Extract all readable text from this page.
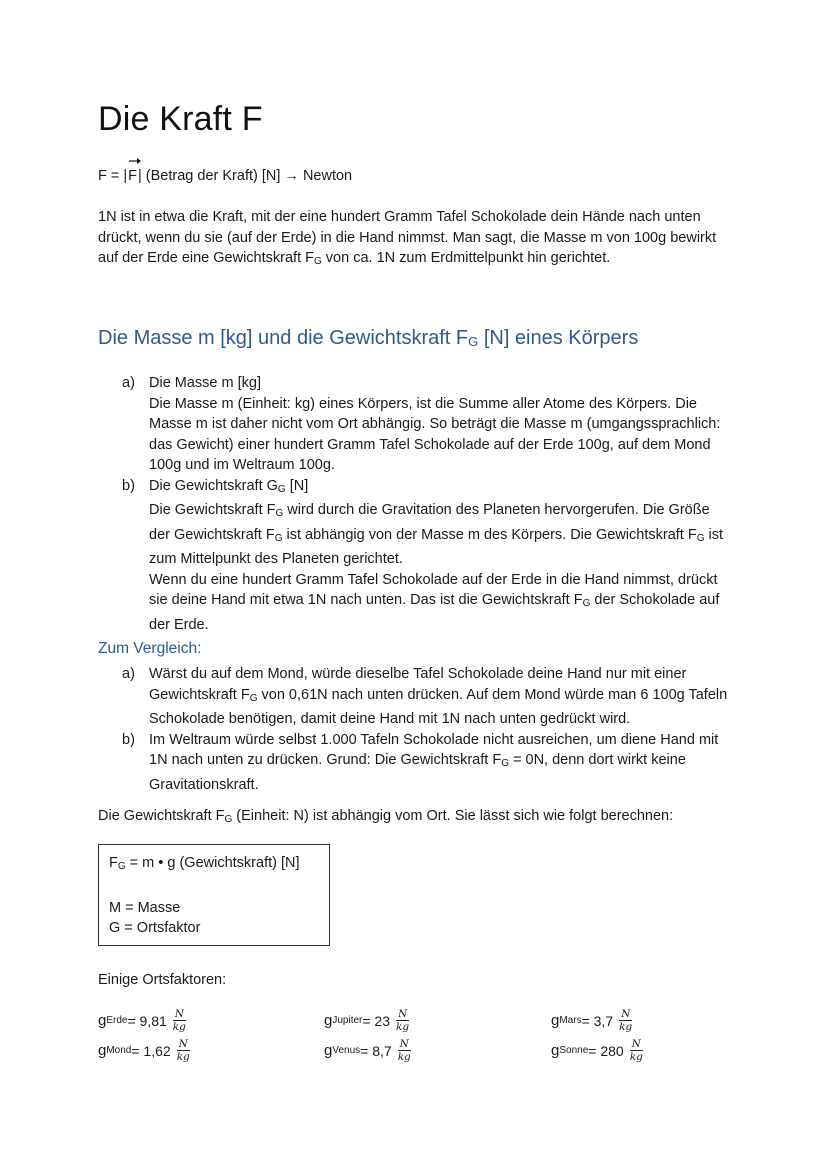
Die Kraft F
F = | F | (Betrag der Kraft) [N] → Newton
1N ist in etwa die Kraft, mit der eine hundert Gramm Tafel Schokolade dein Hände nach unten drückt, wenn du sie (auf der Erde) in die Hand nimmst. Man sagt, die Masse m von 100g bewirkt auf der Erde eine Gewichtskraft $F_G$ von ca. 1N zum Erdmittelpunkt hin gerichtet.
Die Masse m [kg] und die Gewichtskraft FG [N] eines Körpers
a) Die Masse m [kg]
Die Masse m (Einheit: kg) eines Körpers, ist die Summe aller Atome des Körpers. Die Masse m ist daher nicht vom Ort abhängig. So beträgt die Masse m (umgangssprachlich: das Gewicht) einer hundert Gramm Tafel Schokolade auf der Erde 100g, auf dem Mond 100g und im Weltraum 100g.
b) Die Gewichtskraft $G_G$ [N]
Die Gewichtskraft $F_G$ wird durch die Gravitation des Planeten hervorgerufen. Die Größe der Gewichtskraft $F_G$ ist abhängig von der Masse m des Körpers. Die Gewichtskraft $F_G$ ist zum Mittelpunkt des Planeten gerichtet.
Wenn du eine hundert Gramm Tafel Schokolade auf der Erde in die Hand nimmst, drückt sie deine Hand mit etwa 1N nach unten. Das ist die Gewichtskraft $F_G$ der Schokolade auf der Erde.
Zum Vergleich:
a) Wärst du auf dem Mond, würde dieselbe Tafel Schokolade deine Hand nur mit einer Gewichtskraft $F_G$ von 0,61N nach unten drücken. Auf dem Mond würde man 6 100g Tafeln Schokolade benötigen, damit deine Hand mit 1N nach unten gedrückt wird.
b) Im Weltraum würde selbst 1.000 Tafeln Schokolade nicht ausreichen, um diene Hand mit 1N nach unten zu drücken. Grund: Die Gewichtskraft $F_G = 0N$, denn dort wirkt keine Gravitationskraft.
Die Gewichtskraft $F_G$ (Einheit: N) ist abhängig vom Ort. Sie lässt sich wie folgt berechnen:
$F_G = m$ • g (Gewichtskraft) [N]
M = Masse
G = Ortsfaktor
Einige Ortsfaktoren:
g Erde = $9,81 \frac{N}{kg}$
g Mond = $1,62 \frac{N}{kg}$
g Jupiter = $23 \frac{N}{kg}$
g Venus = $8,7 \frac{N}{kg}$
g Mars = $3,7 \frac{N}{kg}$
g Sonne = $280 \frac{N}{kg}$
